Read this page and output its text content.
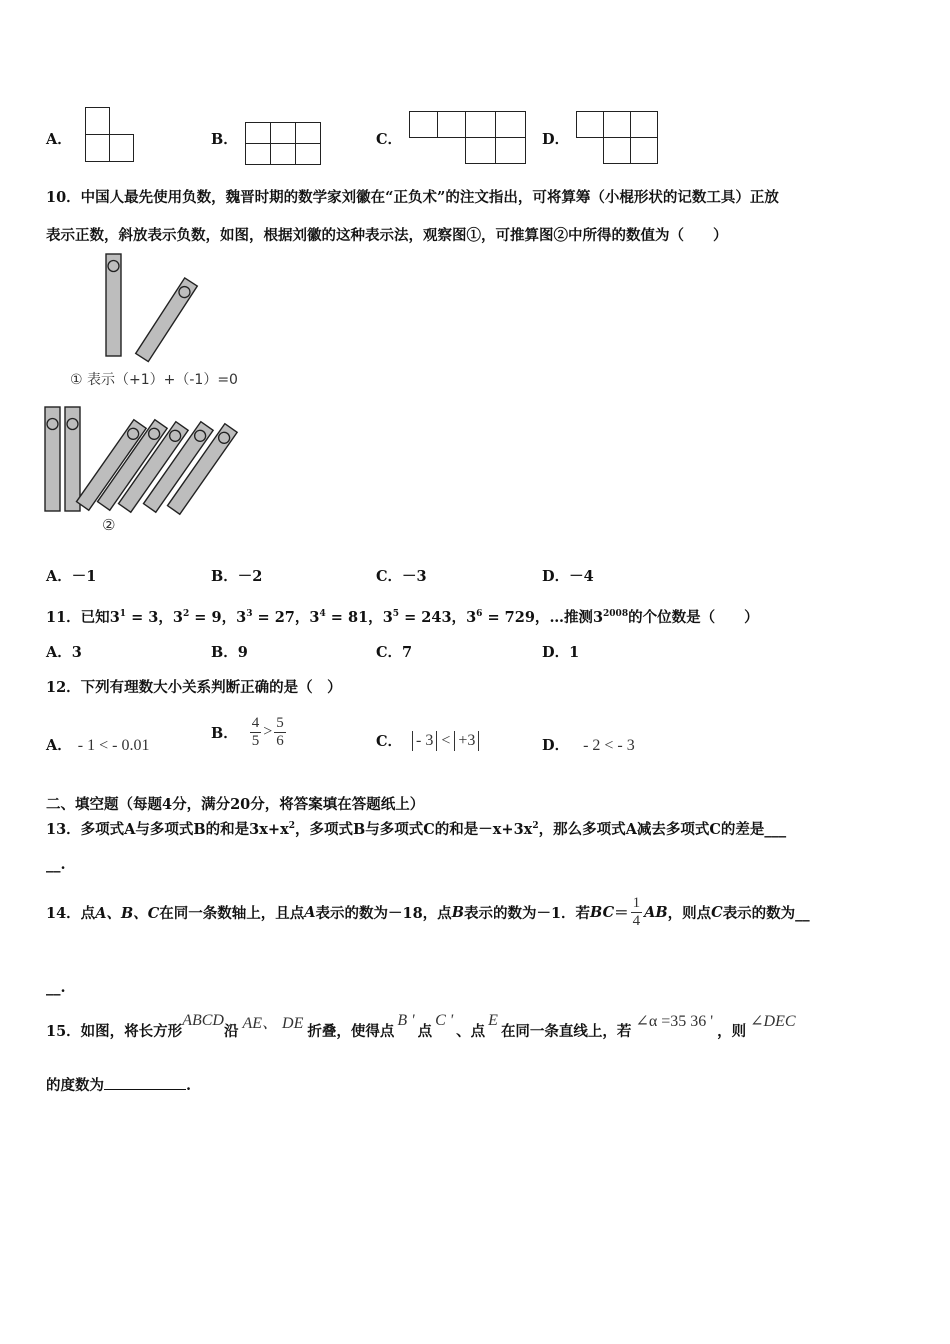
A．	B．	C．	D．
10．中国人最先使用负数，魏晋时期的数学家刘徽在“正负术”的注文指出，可将算筹（小棍形状的记数工具）正放
表示正数，斜放表示负数，如图，根据刘徽的这种表示法，观察图①，可推算图②中所得的数值为（　　）
① 表示（+1）+（-1）=0
②
A．－1	B．－2	C．－3	D．－4
11．已知$3^1 = 3$，$3^2 = 9$，$3^3 = 27$，$3^4 = 81$，$3^5 = 243$，$3^6 = 729$，…推测$3^{2008}$的个位数是（　　）
A．3	B．9	C．7	D．1
12．下列有理数大小关系判断正确的是（　）
A． - 1 < - 0.01
B． $\frac{4}{5} > \frac{5}{6}$	C． - 3 < +3	D． - 2 < - 3
二、填空题（每题4分，满分20分，将答案填在答题纸上）
13．多项式A与多项式B的和是$3x+x^2$，多项式B与多项式C的和是$-x+3x^2$，那么多项式A减去多项式C的差是___
__.
14．点 A、B、C 在同一条数轴上，且点 A 表示的数为－18，点 B 表示的数为－1．若 BC ＝ $\frac{1}{4}$ AB ，则点 C 表示的数为__
__.
15．如图，将长方形
ABCD
沿 AE、 DE 折叠，使得点
B '
点
C '
、点
E
在同一条直线上，若
∠α =35 36 '
，则
∠DEC
的度数为	.
